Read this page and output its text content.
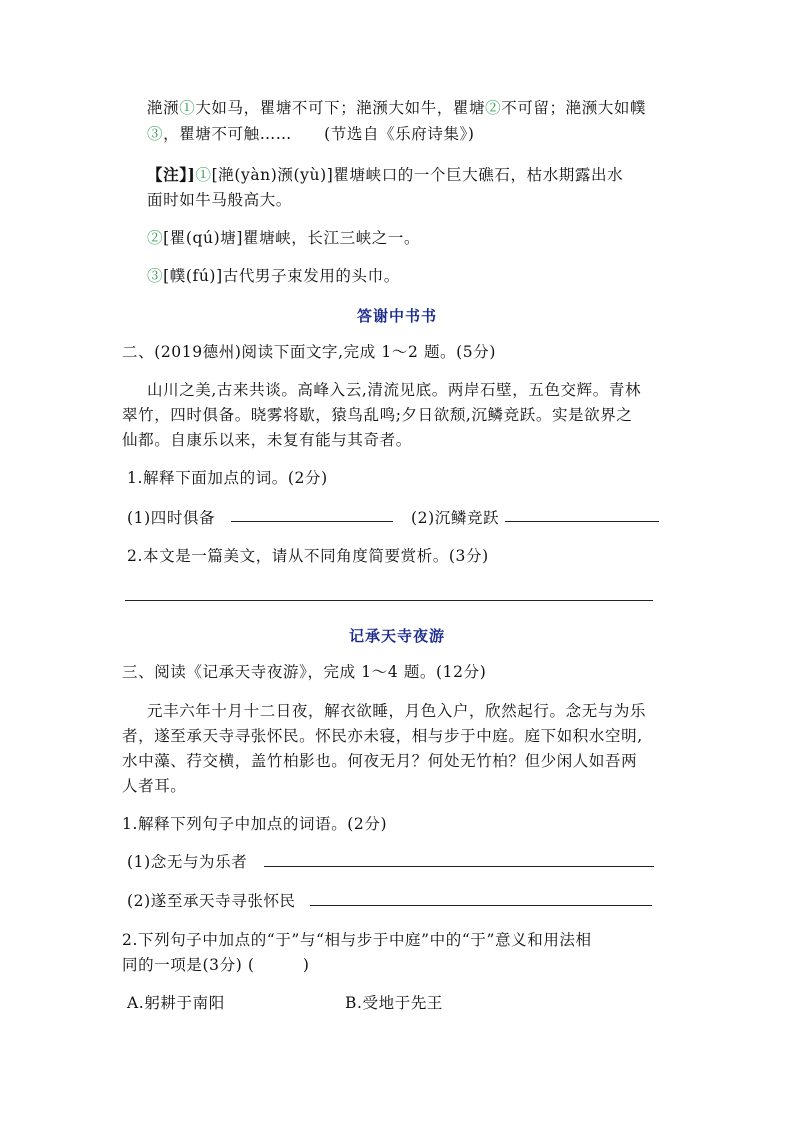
滟滪①大如马，瞿塘不可下；滟滪大如牛，瞿塘②不可留；滟滪大如幞
③，瞿塘不可触……　　(节选自《乐府诗集》)
【注】]①[滟(yàn)滪(yù)]瞿塘峡口的一个巨大礁石，枯水期露出水
面时如牛马般高大。
②[瞿(qú)塘]瞿塘峡，长江三峡之一。
③[幞(fú)]古代男子束发用的头巾。
答谢中书书
二、(2019德州)阅读下面文字,完成 1～2 题。(5分)
山川之美,古来共谈。高峰入云,清流见底。两岸石壁，五色交辉。青林
翠竹，四时俱备。晓雾将歇，猿鸟乱鸣;夕日欲颓,沉鳞竞跃。实是欲界之
仙都。自康乐以来，未复有能与其奇者。
1.解释下面加点的词。(2分)
(1)四时俱备	(2)沉鳞竞跃
2.本文是一篇美文，请从不同角度简要赏析。(3分)
记承天寺夜游
三、阅读《记承天寺夜游》，完成 1～4 题。(12分)
元丰六年十月十二日夜，解衣欲睡，月色入户，欣然起行。念无与为乐
者，遂至承天寺寻张怀民。怀民亦未寝，相与步于中庭。庭下如积水空明,
水中藻、荇交横，盖竹柏影也。何夜无月？何处无竹柏？但少闲人如吾两
人者耳。
1.解释下列句子中加点的词语。(2分)
(1)念无与为乐者
(2)遂至承天寺寻张怀民
2.下列句子中加点的“于”与“相与步于中庭”中的“于”意义和用法相
同的一项是(3分) (　　　)
A.躬耕于南阳	B.受地于先王
